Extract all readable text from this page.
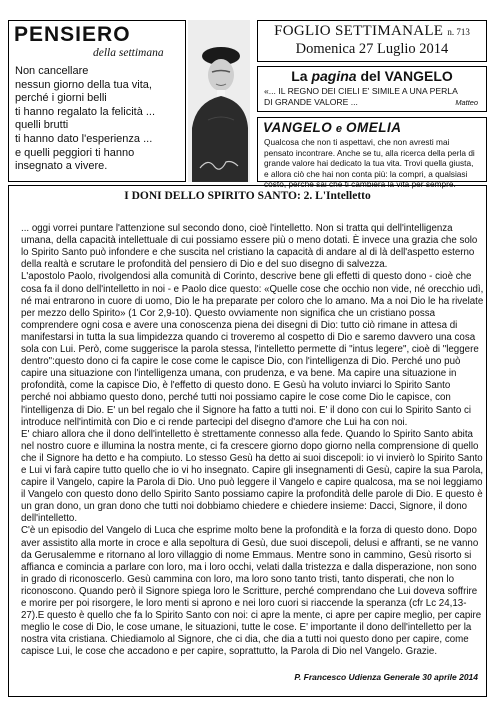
PENSIERO
della settimana
Non cancellare
nessun giorno della tua vita,
perché i giorni belli
ti hanno regalato la felicità ...
quelli brutti
ti hanno dato l'esperienza ...
e quelli peggiori ti hanno
insegnato a vivere.
FOGLIO SETTIMANALE n. 713
Domenica 27 Luglio 2014
La pagina del VANGELO
«... IL REGNO DEI CIELI E' SIMILE A UNA PERLA
DI GRANDE VALORE ...	Matteo
VANGELO e OMELIA
Qualcosa che non ti aspettavi, che non avresti mai
pensato incontrare. Anche se tu, alla ricerca della perla di
grande valore hai dedicato la tua vita. Trovi quella giusta,
e allora ciò che hai non conta più: la compri, a qualsiasi
costo, perché sai che ti cambierà la vita per sempre.
I DONI DELLO SPIRITO SANTO: 2. L'Intelletto

... oggi vorrei puntare l'attenzione sul secondo dono, cioè l'intelletto. Non si tratta qui dell'intelligenza
umana, della capacità intellettuale di cui possiamo essere più o meno dotati. È invece una grazia che solo
lo Spirito Santo può infondere e che suscita nel cristiano la capacità di andare al di là dell'aspetto esterno
della realtà e scrutare le profondità del pensiero di Dio e del suo disegno di salvezza.
L'apostolo Paolo, rivolgendosi alla comunità di Corinto, descrive bene gli effetti di questo dono - cioè che
cosa fa il dono dell'intelletto in noi - e Paolo dice questo: «Quelle cose che occhio non vide, né orecchio udì,
né mai entrarono in cuore di uomo, Dio le ha preparate per coloro che lo amano. Ma a noi Dio le ha rivelate
per mezzo dello Spirito» (1 Cor 2,9-10). Questo ovviamente non significa che un cristiano possa
comprendere ogni cosa e avere una conoscenza piena dei disegni di Dio: tutto ciò rimane in attesa di
manifestarsi in tutta la sua limpidezza quando ci troveremo al cospetto di Dio e saremo davvero una cosa
sola con Lui. Però, come suggerisce la parola stessa, l'intelletto permette di "intus legere", cioè di "leggere
dentro":questo dono ci fa capire le cose come le capisce Dio, con l'intelligenza di Dio. Perché uno può
capire una situazione con l'intelligenza umana, con prudenza, e va bene. Ma capire una situazione in
profondità, come la capisce Dio, è l'effetto di questo dono. E Gesù ha voluto inviarci lo Spirito Santo
perché noi abbiamo questo dono, perché tutti noi possiamo capire le cose come Dio le capisce, con
l'intelligenza di Dio. E' un bel regalo che il Signore ha fatto a tutti noi. E' il dono con cui lo Spirito Santo ci
introduce nell'intimità con Dio e ci rende partecipi del disegno d'amore che Lui ha con noi.
E' chiaro allora che il dono dell'intelletto è strettamente connesso alla fede. Quando lo Spirito Santo abita
nel nostro cuore e illumina la nostra mente, ci fa crescere giorno dopo giorno nella comprensione di quello
che il Signore ha detto e ha compiuto. Lo stesso Gesù ha detto ai suoi discepoli: io vi invierò lo Spirito Santo
e Lui vi farà capire tutto quello che io vi ho insegnato. Capire gli insegnamenti di Gesù, capire la sua Parola,
capire il Vangelo, capire la Parola di Dio. Uno può leggere il Vangelo e capire qualcosa, ma se noi leggiamo
il Vangelo con questo dono dello Spirito Santo possiamo capire la profondità delle parole di Dio. E questo è
un gran dono, un gran dono che tutti noi dobbiamo chiedere e chiedere insieme: Dacci, Signore, il dono
dell'intelletto.
C'è un episodio del Vangelo di Luca che esprime molto bene la profondità e la forza di questo dono. Dopo
aver assistito alla morte in croce e alla sepoltura di Gesù, due suoi discepoli, delusi e affranti, se ne vanno
da Gerusalemme e ritornano al loro villaggio di nome Emmaus. Mentre sono in cammino, Gesù risorto si
affianca e comincia a parlare con loro, ma i loro occhi, velati dalla tristezza e dalla disperazione, non sono
in grado di riconoscerlo. Gesù cammina con loro, ma loro sono tanto tristi, tanto disperati, che non lo
riconoscono. Quando però il Signore spiega loro le Scritture, perché comprendano che Lui doveva soffrire
e morire per poi risorgere, le loro menti si aprono e nei loro cuori si riaccende la speranza (cfr Lc 24,13-
27).E questo è quello che fa lo Spirito Santo con noi: ci apre la mente, ci apre per capire meglio, per capire
meglio le cose di Dio, le cose umane, le situazioni, tutte le cose. E' importante il dono dell'intelletto per la
nostra vita cristiana. Chiediamolo al Signore, che ci dia, che dia a tutti noi questo dono per capire, come
capisce Lui, le cose che accadono e per capire, soprattutto, la Parola di Dio nel Vangelo. Grazie.
P. Francesco Udienza Generale 30 aprile 2014
